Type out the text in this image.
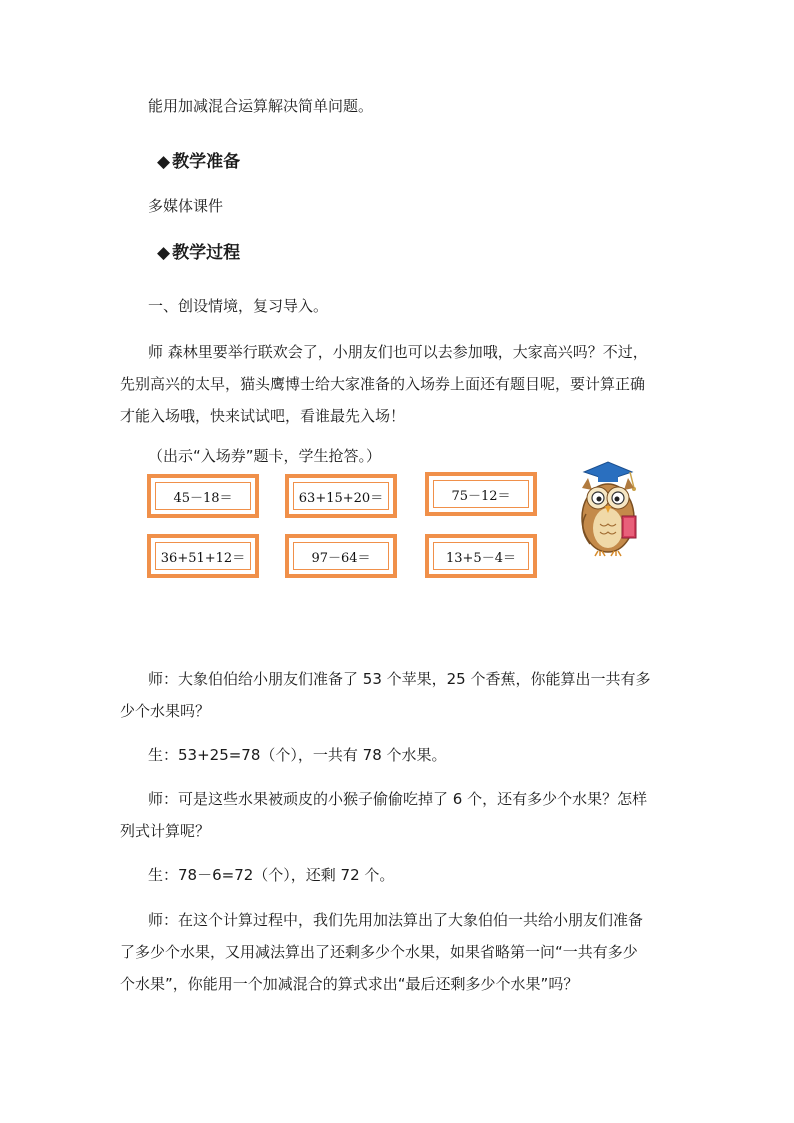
能用加减混合运算解决简单问题。
◆ 教学准备
多媒体课件
◆ 教学过程
一、创设情境，复习导入。
师 森林里要举行联欢会了，小朋友们也可以去参加哦，大家高兴吗？不过，
先别高兴的太早，猫头鹰博士给大家准备的入场券上面还有题目呢，要计算正确
才能入场哦，快来试试吧，看谁最先入场！
（出示“入场券”题卡，学生抢答。）
45－18＝	63+15+20＝	75－12＝
36+51+12＝	97－64＝	13+5－4＝
师：大象伯伯给小朋友们准备了 53 个苹果，25 个香蕉，你能算出一共有多
少个水果吗？
生：53+25=78（个），一共有 78 个水果。
师：可是这些水果被顽皮的小猴子偷偷吃掉了 6 个，还有多少个水果？怎样
列式计算呢？
生：78－6=72（个），还剩 72 个。
师：在这个计算过程中，我们先用加法算出了大象伯伯一共给小朋友们准备
了多少个水果，又用减法算出了还剩多少个水果，如果省略第一问“一共有多少
个水果”，你能用一个加减混合的算式求出“最后还剩多少个水果”吗？
